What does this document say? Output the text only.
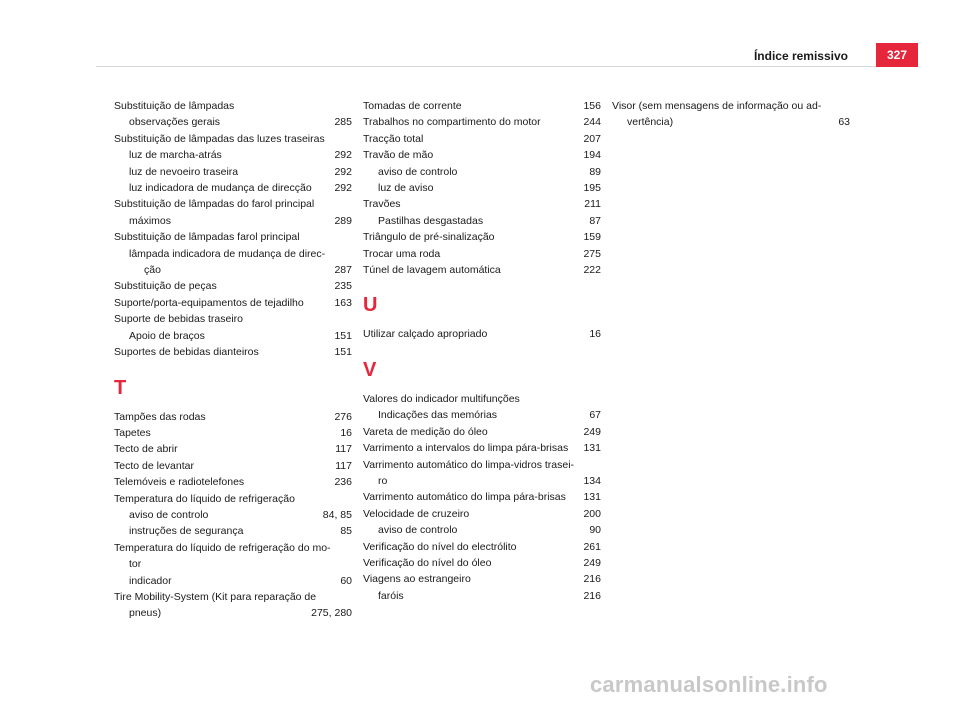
Índice remissivo	327
Substituição de lâmpadas
observações gerais	285
Substituição de lâmpadas das luzes traseiras
luz de marcha-atrás	292
luz de nevoeiro traseira	292
luz indicadora de mudança de direcção 292
Substituição de lâmpadas do farol principal
máximos	289
Substituição de lâmpadas farol principal
lâmpada indicadora de mudança de direc-
ção	287
Substituição de peças	235
Suporte/porta-equipamentos de tejadilho	163
Suporte de bebidas traseiro
Apoio de braços	151
Suportes de bebidas dianteiros	151
T
Tampões das rodas	276
Tapetes	16
Tecto de abrir	117
Tecto de levantar	117
Telemóveis e radiotelefones	236
Temperatura do líquido de refrigeração
aviso de controlo	84, 85
instruções de segurança	85
Temperatura do líquido de refrigeração do mo-
tor
indicador	60
Tire Mobility-System (Kit para reparação de
pneus)	275, 280
Tomadas de corrente	156
Trabalhos no compartimento do motor	244
Tracção total	207
Travão de mão	194
aviso de controlo	89
luz de aviso	195
Travões	211
Pastilhas desgastadas	87
Triângulo de pré-sinalização	159
Trocar uma roda	275
Túnel de lavagem automática	222
U
Utilizar calçado apropriado	16
V
Valores do indicador multifunções
Indicações das memórias	67
Vareta de medição do óleo	249
Varrimento a intervalos do limpa pára-brisas 131
Varrimento automático do limpa-vidros trasei-
ro	134
Varrimento automático do limpa pára-brisas 131
Velocidade de cruzeiro	200
aviso de controlo	90
Verificação do nível do electrólito	261
Verificação do nível do óleo	249
Viagens ao estrangeiro	216
faróis	216
Visor (sem mensagens de informação ou ad-
vertência)	63
carmanualsonline.info
